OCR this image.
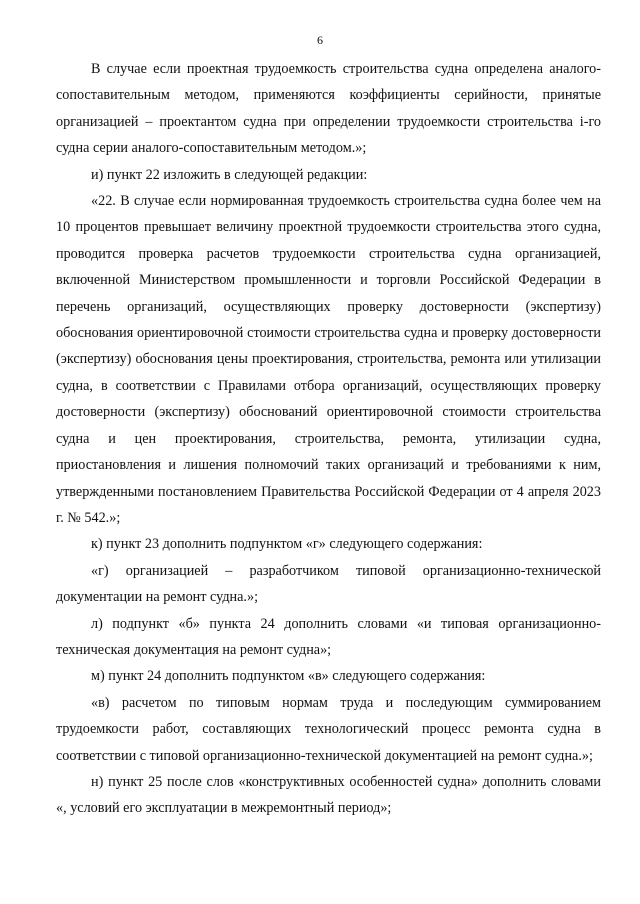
6

В случае если проектная трудоемкость строительства судна определена аналого-сопоставительным методом, применяются коэффициенты серийности, принятые организацией – проектантом судна при определении трудоемкости строительства i-го судна серии аналого-сопоставительным методом.»;

и) пункт 22 изложить в следующей редакции:

«22. В случае если нормированная трудоемкость строительства судна более чем на 10 процентов превышает величину проектной трудоемкости строительства этого судна, проводится проверка расчетов трудоемкости строительства судна организацией, включенной Министерством промышленности и торговли Российской Федерации в перечень организаций, осуществляющих проверку достоверности (экспертизу) обоснования ориентировочной стоимости строительства судна и проверку достоверности (экспертизу) обоснования цены проектирования, строительства, ремонта или утилизации судна, в соответствии с Правилами отбора организаций, осуществляющих проверку достоверности (экспертизу) обоснований ориентировочной стоимости строительства судна и цен проектирования, строительства, ремонта, утилизации судна, приостановления и лишения полномочий таких организаций и требованиями к ним, утвержденными постановлением Правительства Российской Федерации от 4 апреля 2023 г. № 542.»;

к) пункт 23 дополнить подпунктом «г» следующего содержания:

«г) организацией – разработчиком типовой организационно-технической документации на ремонт судна.»;

л) подпункт «б» пункта 24 дополнить словами «и типовая организационно-техническая документация на ремонт судна»;

м) пункт 24 дополнить подпунктом «в» следующего содержания:

«в) расчетом по типовым нормам труда и последующим суммированием трудоемкости работ, составляющих технологический процесс ремонта судна в соответствии с типовой организационно-технической документацией на ремонт судна.»;

н) пункт 25 после слов «конструктивных особенностей судна» дополнить словами «, условий его эксплуатации в межремонтный период»;
